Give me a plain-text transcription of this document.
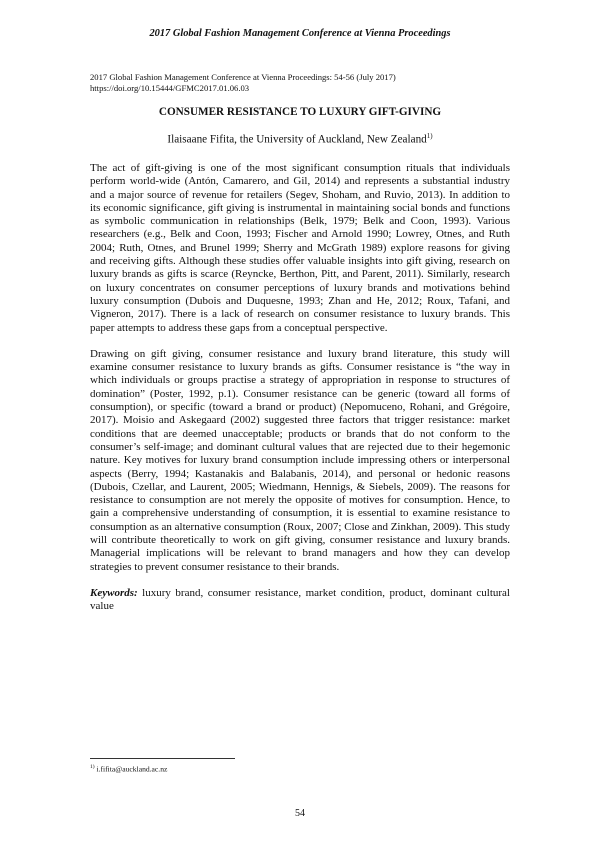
2017 Global Fashion Management Conference at Vienna Proceedings
2017 Global Fashion Management Conference at Vienna Proceedings: 54-56 (July 2017)
https://doi.org/10.15444/GFMC2017.01.06.03
CONSUMER RESISTANCE TO LUXURY GIFT-GIVING
Ilaisaane Fifita, the University of Auckland, New Zealand$^{1)}$

The act of gift-giving is one of the most significant consumption rituals that individuals perform world-wide (Antón, Camarero, and Gil, 2014) and represents a substantial industry and a major source of revenue for retailers (Segev, Shoham, and Ruvio, 2013). In addition to its economic significance, gift giving is instrumental in maintaining social bonds and functions as symbolic communication in relationships (Belk, 1979; Belk and Coon, 1993). Various researchers (e.g., Belk and Coon, 1993; Fischer and Arnold 1990; Lowrey, Otnes, and Ruth 2004; Ruth, Otnes, and Brunel 1999; Sherry and McGrath 1989) explore reasons for giving and receiving gifts. Although these studies offer valuable insights into gift giving, research on luxury brands as gifts is scarce (Reyncke, Berthon, Pitt, and Parent, 2011). Similarly, research on luxury concentrates on consumer perceptions of luxury brands and motivations behind luxury consumption (Dubois and Duquesne, 1993; Zhan and He, 2012; Roux, Tafani, and Vigneron, 2017). There is a lack of research on consumer resistance to luxury brands. This paper attempts to address these gaps from a conceptual perspective.

Drawing on gift giving, consumer resistance and luxury brand literature, this study will examine consumer resistance to luxury brands as gifts. Consumer resistance is “the way in which individuals or groups practise a strategy of appropriation in response to structures of domination” (Poster, 1992, p.1). Consumer resistance can be generic (toward all forms of consumption), or specific (toward a brand or product) (Nepomuceno, Rohani, and Grégoire, 2017). Moisio and Askegaard (2002) suggested three factors that trigger resistance: market conditions that are deemed unacceptable; products or brands that do not conform to the consumer’s self-image; and dominant cultural values that are rejected due to their hegemonic nature. Key motives for luxury brand consumption include impressing others or interpersonal aspects (Berry, 1994; Kastanakis and Balabanis, 2014), and personal or hedonic reasons (Dubois, Czellar, and Laurent, 2005; Wiedmann, Hennigs, & Siebels, 2009). The reasons for resistance to consumption are not merely the opposite of motives for consumption. Hence, to gain a comprehensive understanding of consumption, it is essential to examine resistance to consumption as an alternative consumption (Roux, 2007; Close and Zinkhan, 2009). This study will contribute theoretically to work on gift giving, consumer resistance and luxury brands. Managerial implications will be relevant to brand managers and how they can develop strategies to prevent consumer resistance to their brands.

Keywords: luxury brand, consumer resistance, market condition, product, dominant cultural value

$^{1)}$ i.fifita@auckland.ac.nz
54
